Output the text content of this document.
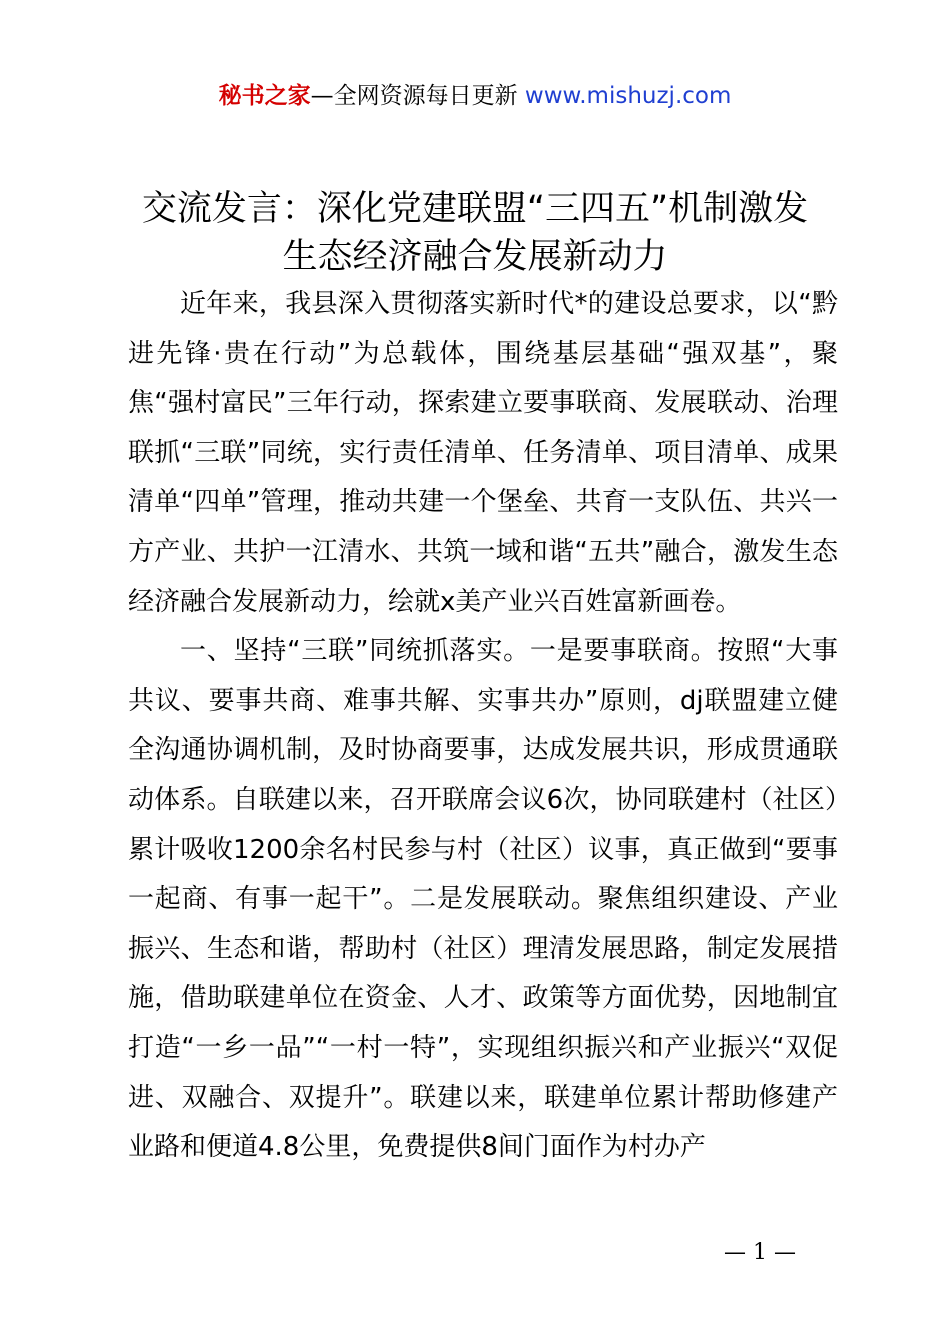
秘书之家—全网资源每日更新 www.mishuzj.com
交流发言：深化党建联盟“三四五”机制激发
生态经济融合发展新动力

近年来，我县深入贯彻落实新时代*的建设总要求，以“黔进先锋·贵在行动”为总载体，围绕基层基础“强双基”，聚焦“强村富民”三年行动，探索建立要事联商、发展联动、治理联抓“三联”同统，实行责任清单、任务清单、项目清单、成果清单“四单”管理，推动共建一个堡垒、共育一支队伍、共兴一方产业、共护一江清水、共筑一域和谐“五共”融合，激发生态经济融合发展新动力，绘就x美产业兴百姓富新画卷。

一、坚持“三联”同统抓落实。一是要事联商。按照“大事共议、要事共商、难事共解、实事共办”原则，dj联盟建立健全沟通协调机制，及时协商要事，达成发展共识，形成贯通联动体系。自联建以来，召开联席会议6次，协同联建村（社区）累计吸收1200余名村民参与村（社区）议事，真正做到“要事一起商、有事一起干”。二是发展联动。聚焦组织建设、产业振兴、生态和谐，帮助村（社区）理清发展思路，制定发展措施，借助联建单位在资金、人才、政策等方面优势，因地制宜打造“一乡一品”“一村一特”，实现组织振兴和产业振兴“双促进、双融合、双提升”。联建以来，联建单位累计帮助修建产业路和便道4.8公里，免费提供8间门面作为村办产

— 1 —
